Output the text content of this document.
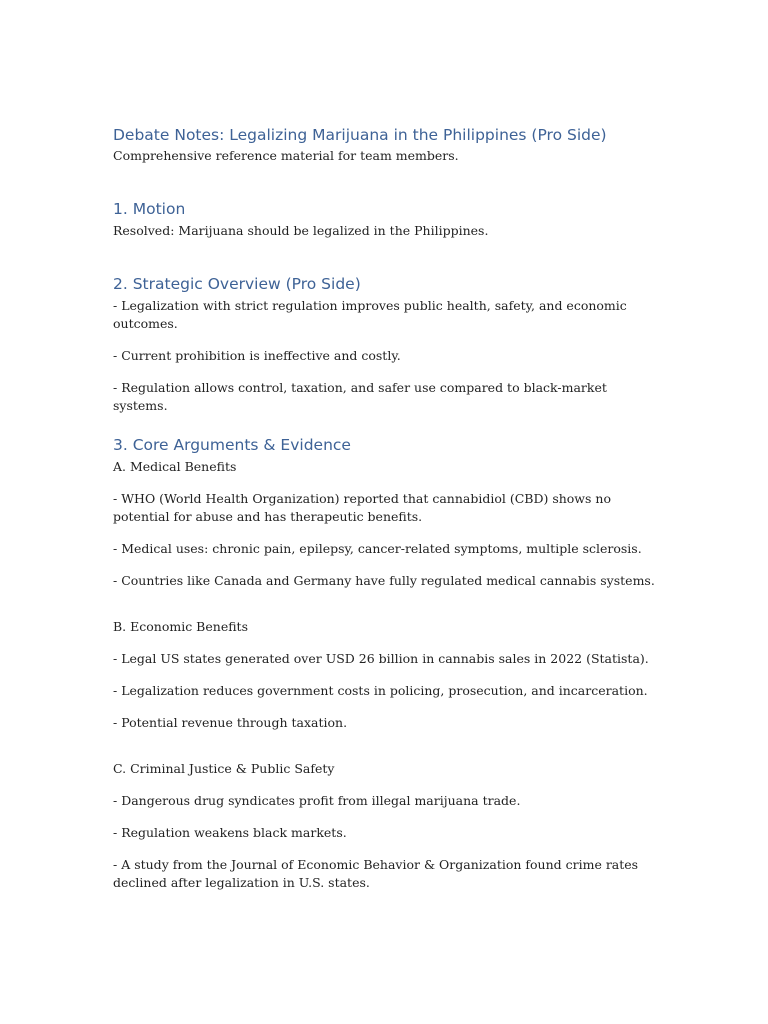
Debate Notes: Legalizing Marijuana in the Philippines (Pro Side)

Comprehensive reference material for team members.

1. Motion

Resolved: Marijuana should be legalized in the Philippines.

2. Strategic Overview (Pro Side)

- Legalization with strict regulation improves public health, safety, and economic outcomes.

- Current prohibition is ineffective and costly.

- Regulation allows control, taxation, and safer use compared to black-market systems.

3. Core Arguments & Evidence

A. Medical Benefits

- WHO (World Health Organization) reported that cannabidiol (CBD) shows no potential for abuse and has therapeutic benefits.

- Medical uses: chronic pain, epilepsy, cancer-related symptoms, multiple sclerosis.

- Countries like Canada and Germany have fully regulated medical cannabis systems.

B. Economic Benefits

- Legal US states generated over USD 26 billion in cannabis sales in 2022 (Statista).

- Legalization reduces government costs in policing, prosecution, and incarceration.

- Potential revenue through taxation.

C. Criminal Justice & Public Safety

- Dangerous drug syndicates profit from illegal marijuana trade.

- Regulation weakens black markets.

- A study from the Journal of Economic Behavior & Organization found crime rates declined after legalization in U.S. states.
